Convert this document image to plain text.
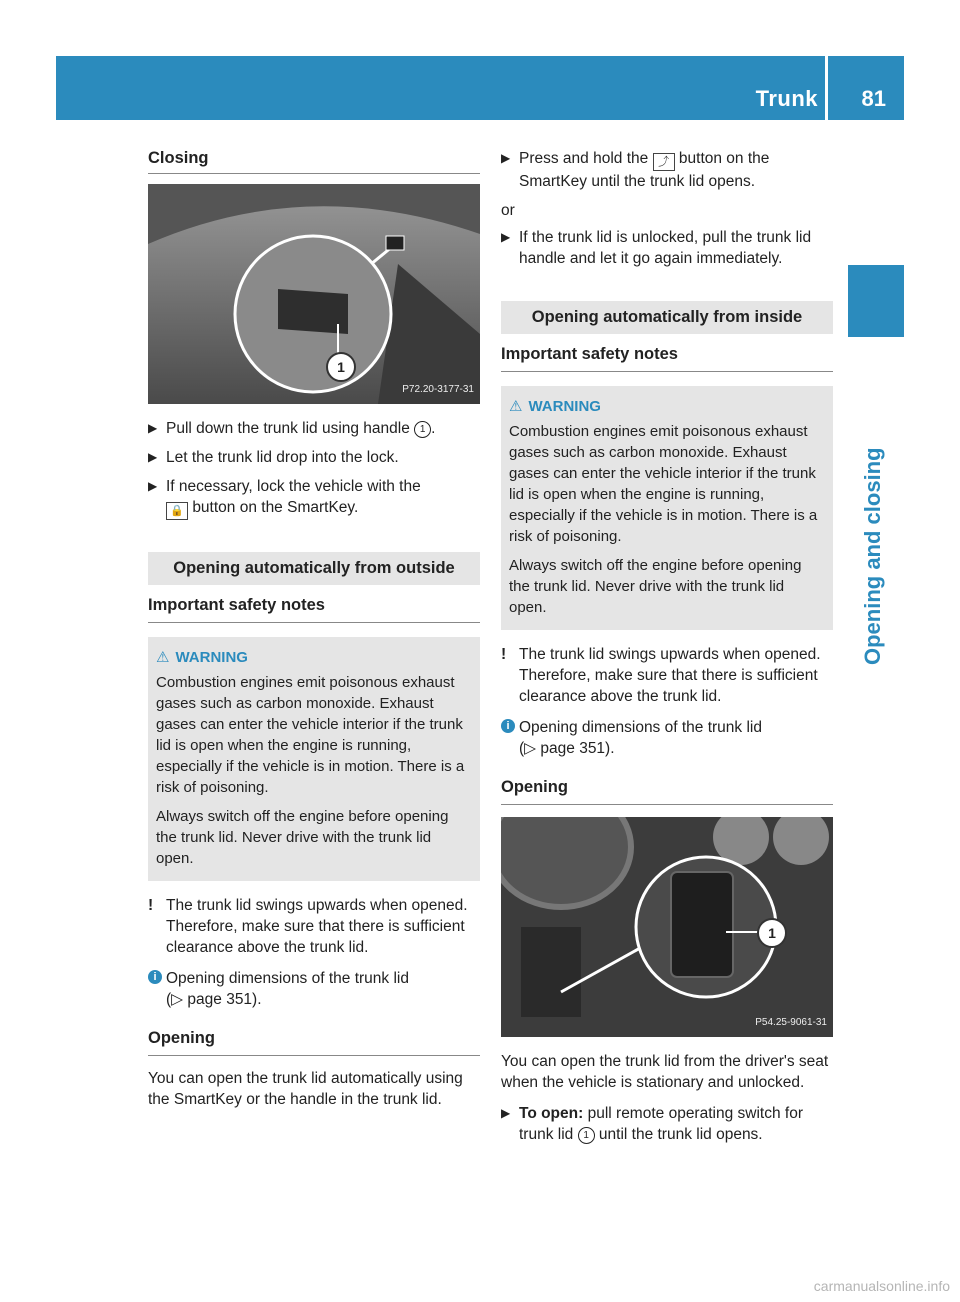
Trunk 81
Opening and closing
Closing
1
P72.20-3177-31
▶ Pull down the trunk lid using handle 1 .
▶ Let the trunk lid drop into the lock.
▶ If necessary, lock the vehicle with the
🔒 button on the SmartKey.
Opening automatically from outside
Important safety notes
⚠ WARNING

Combustion engines emit poisonous exhaust gases such as carbon monoxide. Exhaust gases can enter the vehicle interior if the trunk lid is open when the engine is running, especially if the vehicle is in motion. There is a risk of poisoning.

Always switch off the engine before opening the trunk lid. Never drive with the trunk lid open.

! The trunk lid swings upwards when opened. Therefore, make sure that there is sufficient clearance above the trunk lid.
i Opening dimensions of the trunk lid
(▷ page 351).
Opening
You can open the trunk lid automatically using the SmartKey or the handle in the trunk lid.
▶ Press and hold the ⤴ button on the SmartKey until the trunk lid opens.
or
▶ If the trunk lid is unlocked, pull the trunk lid handle and let it go again immediately.
Opening automatically from inside
Important safety notes
⚠ WARNING

Combustion engines emit poisonous exhaust gases such as carbon monoxide. Exhaust gases can enter the vehicle interior if the trunk lid is open when the engine is running, especially if the vehicle is in motion. There is a risk of poisoning.

Always switch off the engine before opening the trunk lid. Never drive with the trunk lid open.

! The trunk lid swings upwards when opened. Therefore, make sure that there is sufficient clearance above the trunk lid.
i Opening dimensions of the trunk lid
(▷ page 351).
Opening
1
P54.25-9061-31
You can open the trunk lid from the driver's seat when the vehicle is stationary and unlocked.
▶ To open: pull remote operating switch for trunk lid 1 until the trunk lid opens.
carmanualsonline.info
